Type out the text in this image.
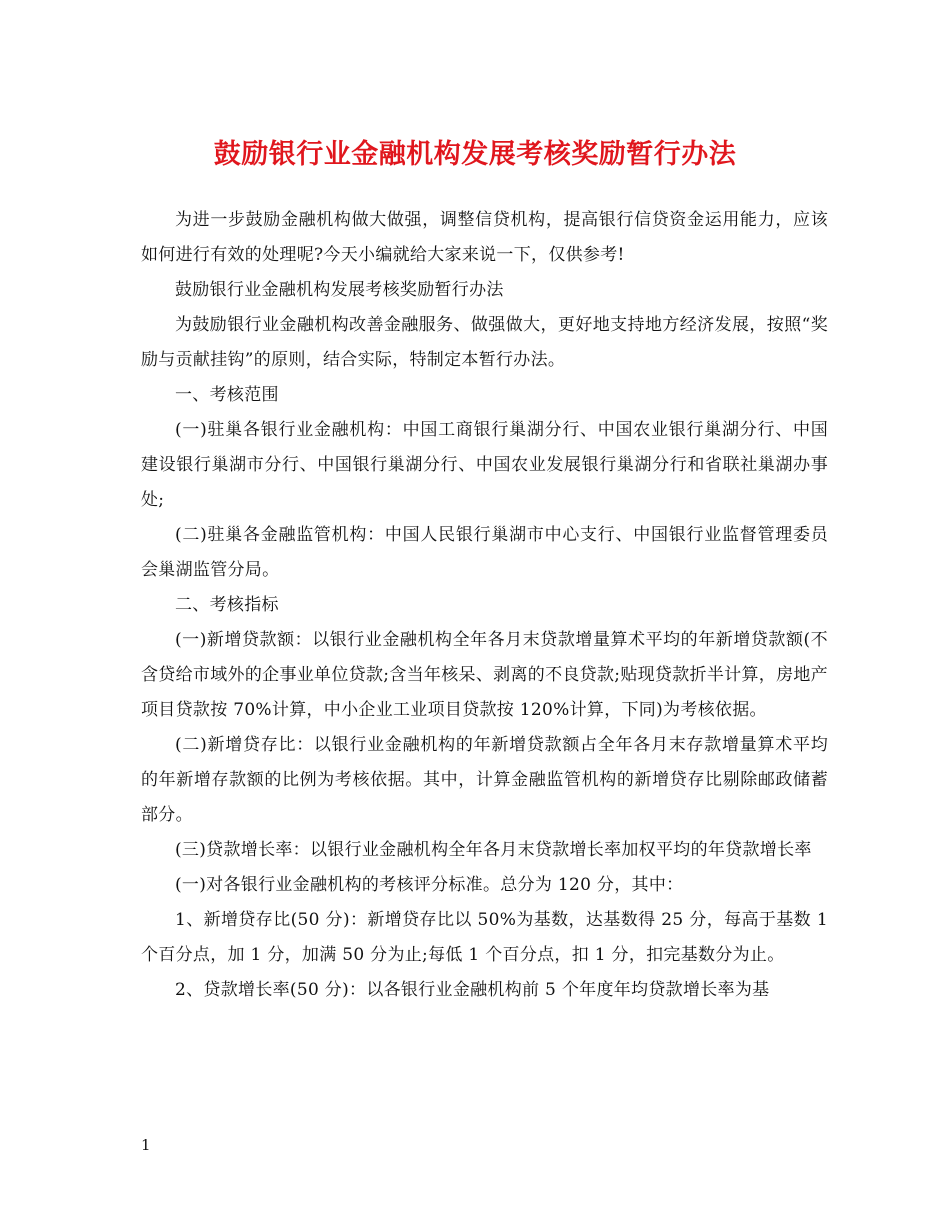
鼓励银行业金融机构发展考核奖励暂行办法

为进一步鼓励金融机构做大做强，调整信贷机构，提高银行信贷资金运用能力，应该如何进行有效的处理呢?今天小编就给大家来说一下，仅供参考!

鼓励银行业金融机构发展考核奖励暂行办法

为鼓励银行业金融机构改善金融服务、做强做大，更好地支持地方经济发展，按照“奖励与贡献挂钩”的原则，结合实际，特制定本暂行办法。

一、考核范围

(一)驻巢各银行业金融机构：中国工商银行巢湖分行、中国农业银行巢湖分行、中国建设银行巢湖市分行、中国银行巢湖分行、中国农业发展银行巢湖分行和省联社巢湖办事处;

(二)驻巢各金融监管机构：中国人民银行巢湖市中心支行、中国银行业监督管理委员会巢湖监管分局。

二、考核指标

(一)新增贷款额：以银行业金融机构全年各月末贷款增量算术平均的年新增贷款额(不含贷给市域外的企事业单位贷款;含当年核呆、剥离的不良贷款;贴现贷款折半计算，房地产项目贷款按 70%计算，中小企业工业项目贷款按 120%计算，下同)为考核依据。

(二)新增贷存比：以银行业金融机构的年新增贷款额占全年各月末存款增量算术平均的年新增存款额的比例为考核依据。其中，计算金融监管机构的新增贷存比剔除邮政储蓄部分。

(三)贷款增长率：以银行业金融机构全年各月末贷款增长率加权平均的年贷款增长率

(一)对各银行业金融机构的考核评分标准。总分为 120 分，其中：

1、新增贷存比(50 分)：新增贷存比以 50%为基数，达基数得 25 分，每高于基数 1 个百分点，加 1 分，加满 50 分为止;每低 1 个百分点，扣 1 分，扣完基数分为止。

2、贷款增长率(50 分)：以各银行业金融机构前 5 个年度年均贷款增长率为基

1
